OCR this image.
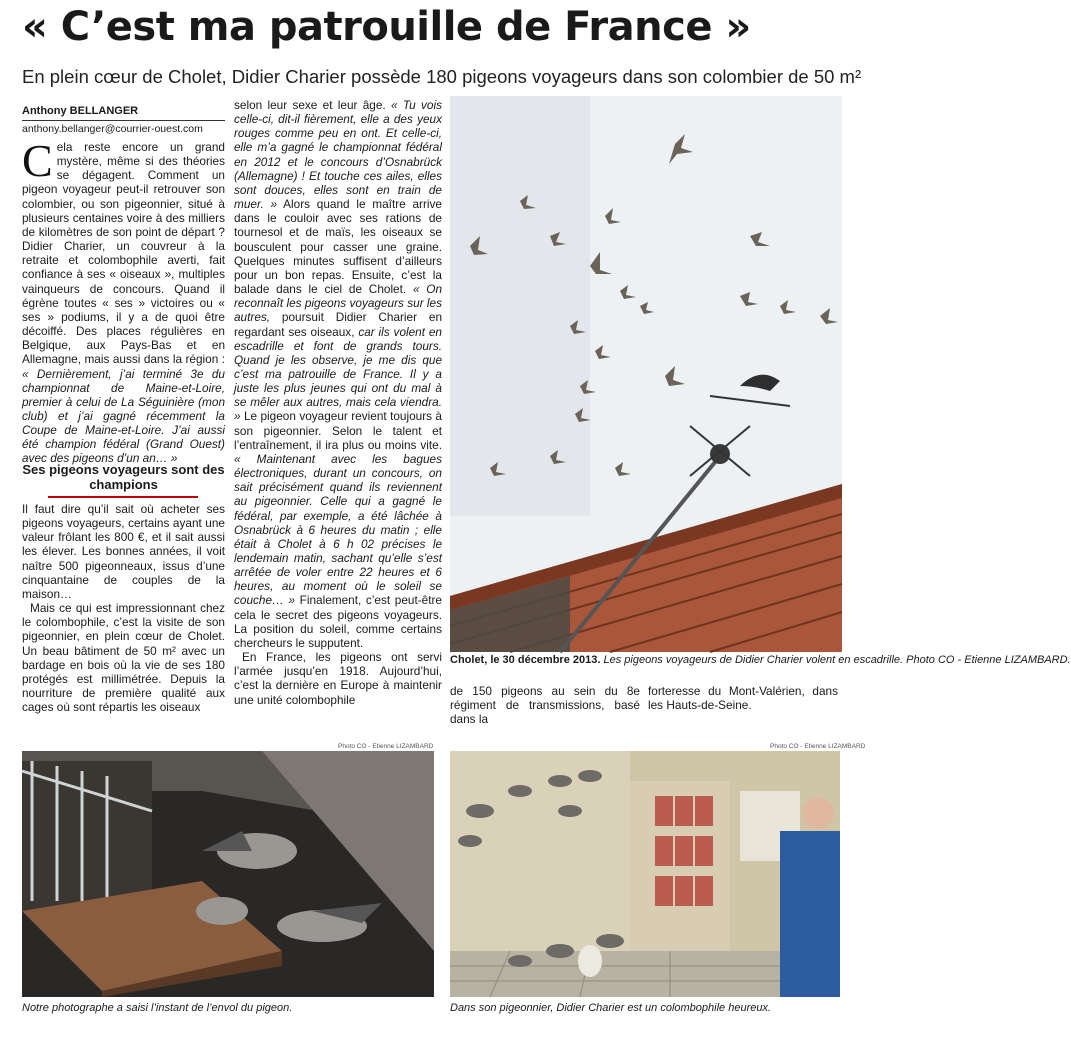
« C’est ma patrouille de France »
En plein cœur de Cholet, Didier Charier possède 180 pigeons voyageurs dans son colombier de 50 m²
Anthony BELLANGER
anthony.bellanger@courrier-ouest.com
C ela reste encore un grand mystère, même si des théories se dégagent. Comment un pigeon voyageur peut-il retrouver son colombier, ou son pigeonnier, situé à plusieurs centaines voire à des milliers de kilomètres de son point de départ ? Didier Charier, un couvreur à la retraite et colombophile averti, fait confiance à ses « oiseaux », multiples vainqueurs de concours. Quand il égrène toutes « ses » victoires ou « ses » podiums, il y a de quoi être décoiffé. Des places régulières en Belgique, aux Pays-Bas et en Allemagne, mais aussi dans la région : « Dernièrement, j’ai terminé 3e du championnat de Maine-et-Loire, premier à celui de La Séguinière (mon club) et j’ai gagné récemment la Coupe de Maine-et-Loire. J’ai aussi été champion fédéral (Grand Ouest) avec des pigeons d’un an… »
Ses pigeons voyageurs sont des champions

Il faut dire qu’il sait où acheter ses pigeons voyageurs, certains ayant une valeur frôlant les 800 €, et il sait aussi les élever. Les bonnes années, il voit naître 500 pigeonneaux, issus d’une cinquantaine de couples de la maison…

Mais ce qui est impressionnant chez le colombophile, c’est la visite de son pigeonnier, en plein cœur de Cholet. Un beau bâtiment de 50 m² avec un bardage en bois où la vie de ses 180 protégés est millimétrée. Depuis la nourriture de première qualité aux cages où sont répartis les oiseaux

selon leur sexe et leur âge. « Tu vois celle-ci, dit-il fièrement, elle a des yeux rouges comme peu en ont. Et celle-ci, elle m’a gagné le championnat fédéral en 2012 et le concours d’Osnabrück (Allemagne) ! Et touche ces ailes, elles sont douces, elles sont en train de muer. » Alors quand le maître arrive dans le couloir avec ses rations de tournesol et de maïs, les oiseaux se bousculent pour casser une graine. Quelques minutes suffisent d’ailleurs pour un bon repas. Ensuite, c’est la balade dans le ciel de Cholet. « On reconnaît les pigeons voyageurs sur les autres, poursuit Didier Charier en regardant ses oiseaux, car ils volent en escadrille et font de grands tours. Quand je les observe, je me dis que c’est ma patrouille de France. Il y a juste les plus jeunes qui ont du mal à se mêler aux autres, mais cela viendra. » Le pigeon voyageur revient toujours à son pigeonnier. Selon le talent et l’entraînement, il ira plus ou moins vite. « Maintenant avec les bagues électroniques, durant un concours, on sait précisément quand ils reviennent au pigeonnier. Celle qui a gagné le fédéral, par exemple, a été lâchée à Osnabrück à 6 heures du matin ; elle était à Cholet à 6 h 02 précises le lendemain matin, sachant qu’elle s’est arrêtée de voler entre 22 heures et 6 heures, au moment où le soleil se couche… » Finalement, c’est peut-être cela le secret des pigeons voyageurs. La position du soleil, comme certains chercheurs le supputent.

En France, les pigeons ont servi l’armée jusqu’en 1918. Aujourd’hui, c’est la dernière en Europe à maintenir une unité colombophile

Cholet, le 30 décembre 2013. Les pigeons voyageurs de Didier Charier volent en escadrille. Photo CO - Etienne LIZAMBARD.
de 150 pigeons au sein du 8e régiment de transmissions, basé dans la
forteresse du Mont-Valérien, dans les Hauts-de-Seine.
Photo CO - Etienne LIZAMBARD
Notre photographe a saisi l’instant de l’envol du pigeon.
Photo CO - Etienne LIZAMBARD
Dans son pigeonnier, Didier Charier est un colombophile heureux.
